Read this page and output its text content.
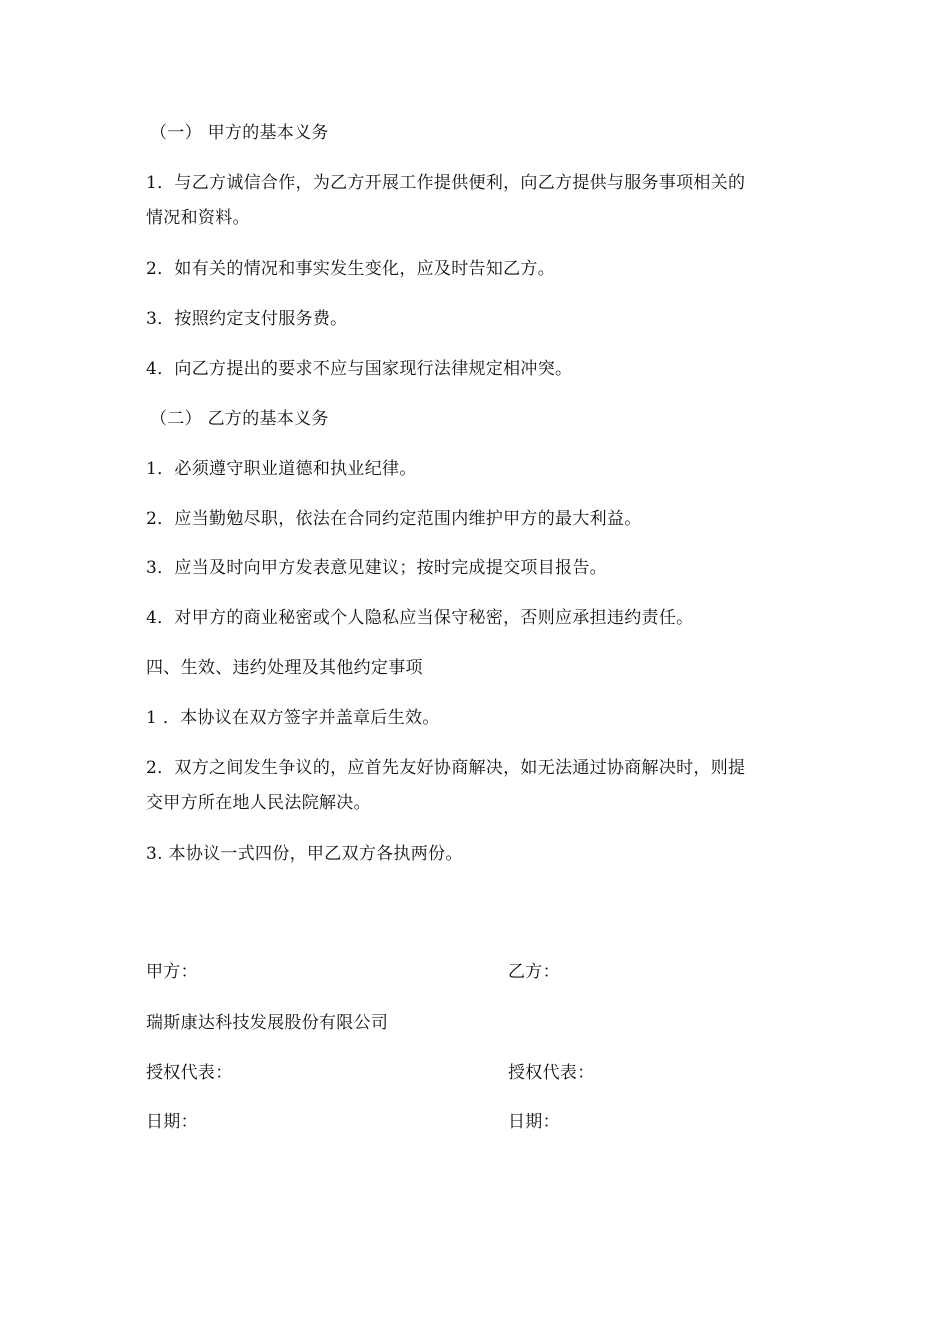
（一） 甲方的基本义务
1．与乙方诚信合作，为乙方开展工作提供便利，向乙方提供与服务事项相关的
情况和资料。
2．如有关的情况和事实发生变化，应及时告知乙方。
3．按照约定支付服务费。
4．向乙方提出的要求不应与国家现行法律规定相冲突。
（二） 乙方的基本义务
1．必须遵守职业道德和执业纪律。
2．应当勤勉尽职，依法在合同约定范围内维护甲方的最大利益。
3．应当及时向甲方发表意见建议；按时完成提交项目报告。
4．对甲方的商业秘密或个人隐私应当保守秘密，否则应承担违约责任。
四、生效、违约处理及其他约定事项
1 ．本协议在双方签字并盖章后生效。
2．双方之间发生争议的，应首先友好协商解决，如无法通过协商解决时，则提
交甲方所在地人民法院解决。
3. 本协议一式四份，甲乙双方各执两份。
甲方：	乙方：
瑞斯康达科技发展股份有限公司
授权代表：	授权代表：
日期：	日期：
